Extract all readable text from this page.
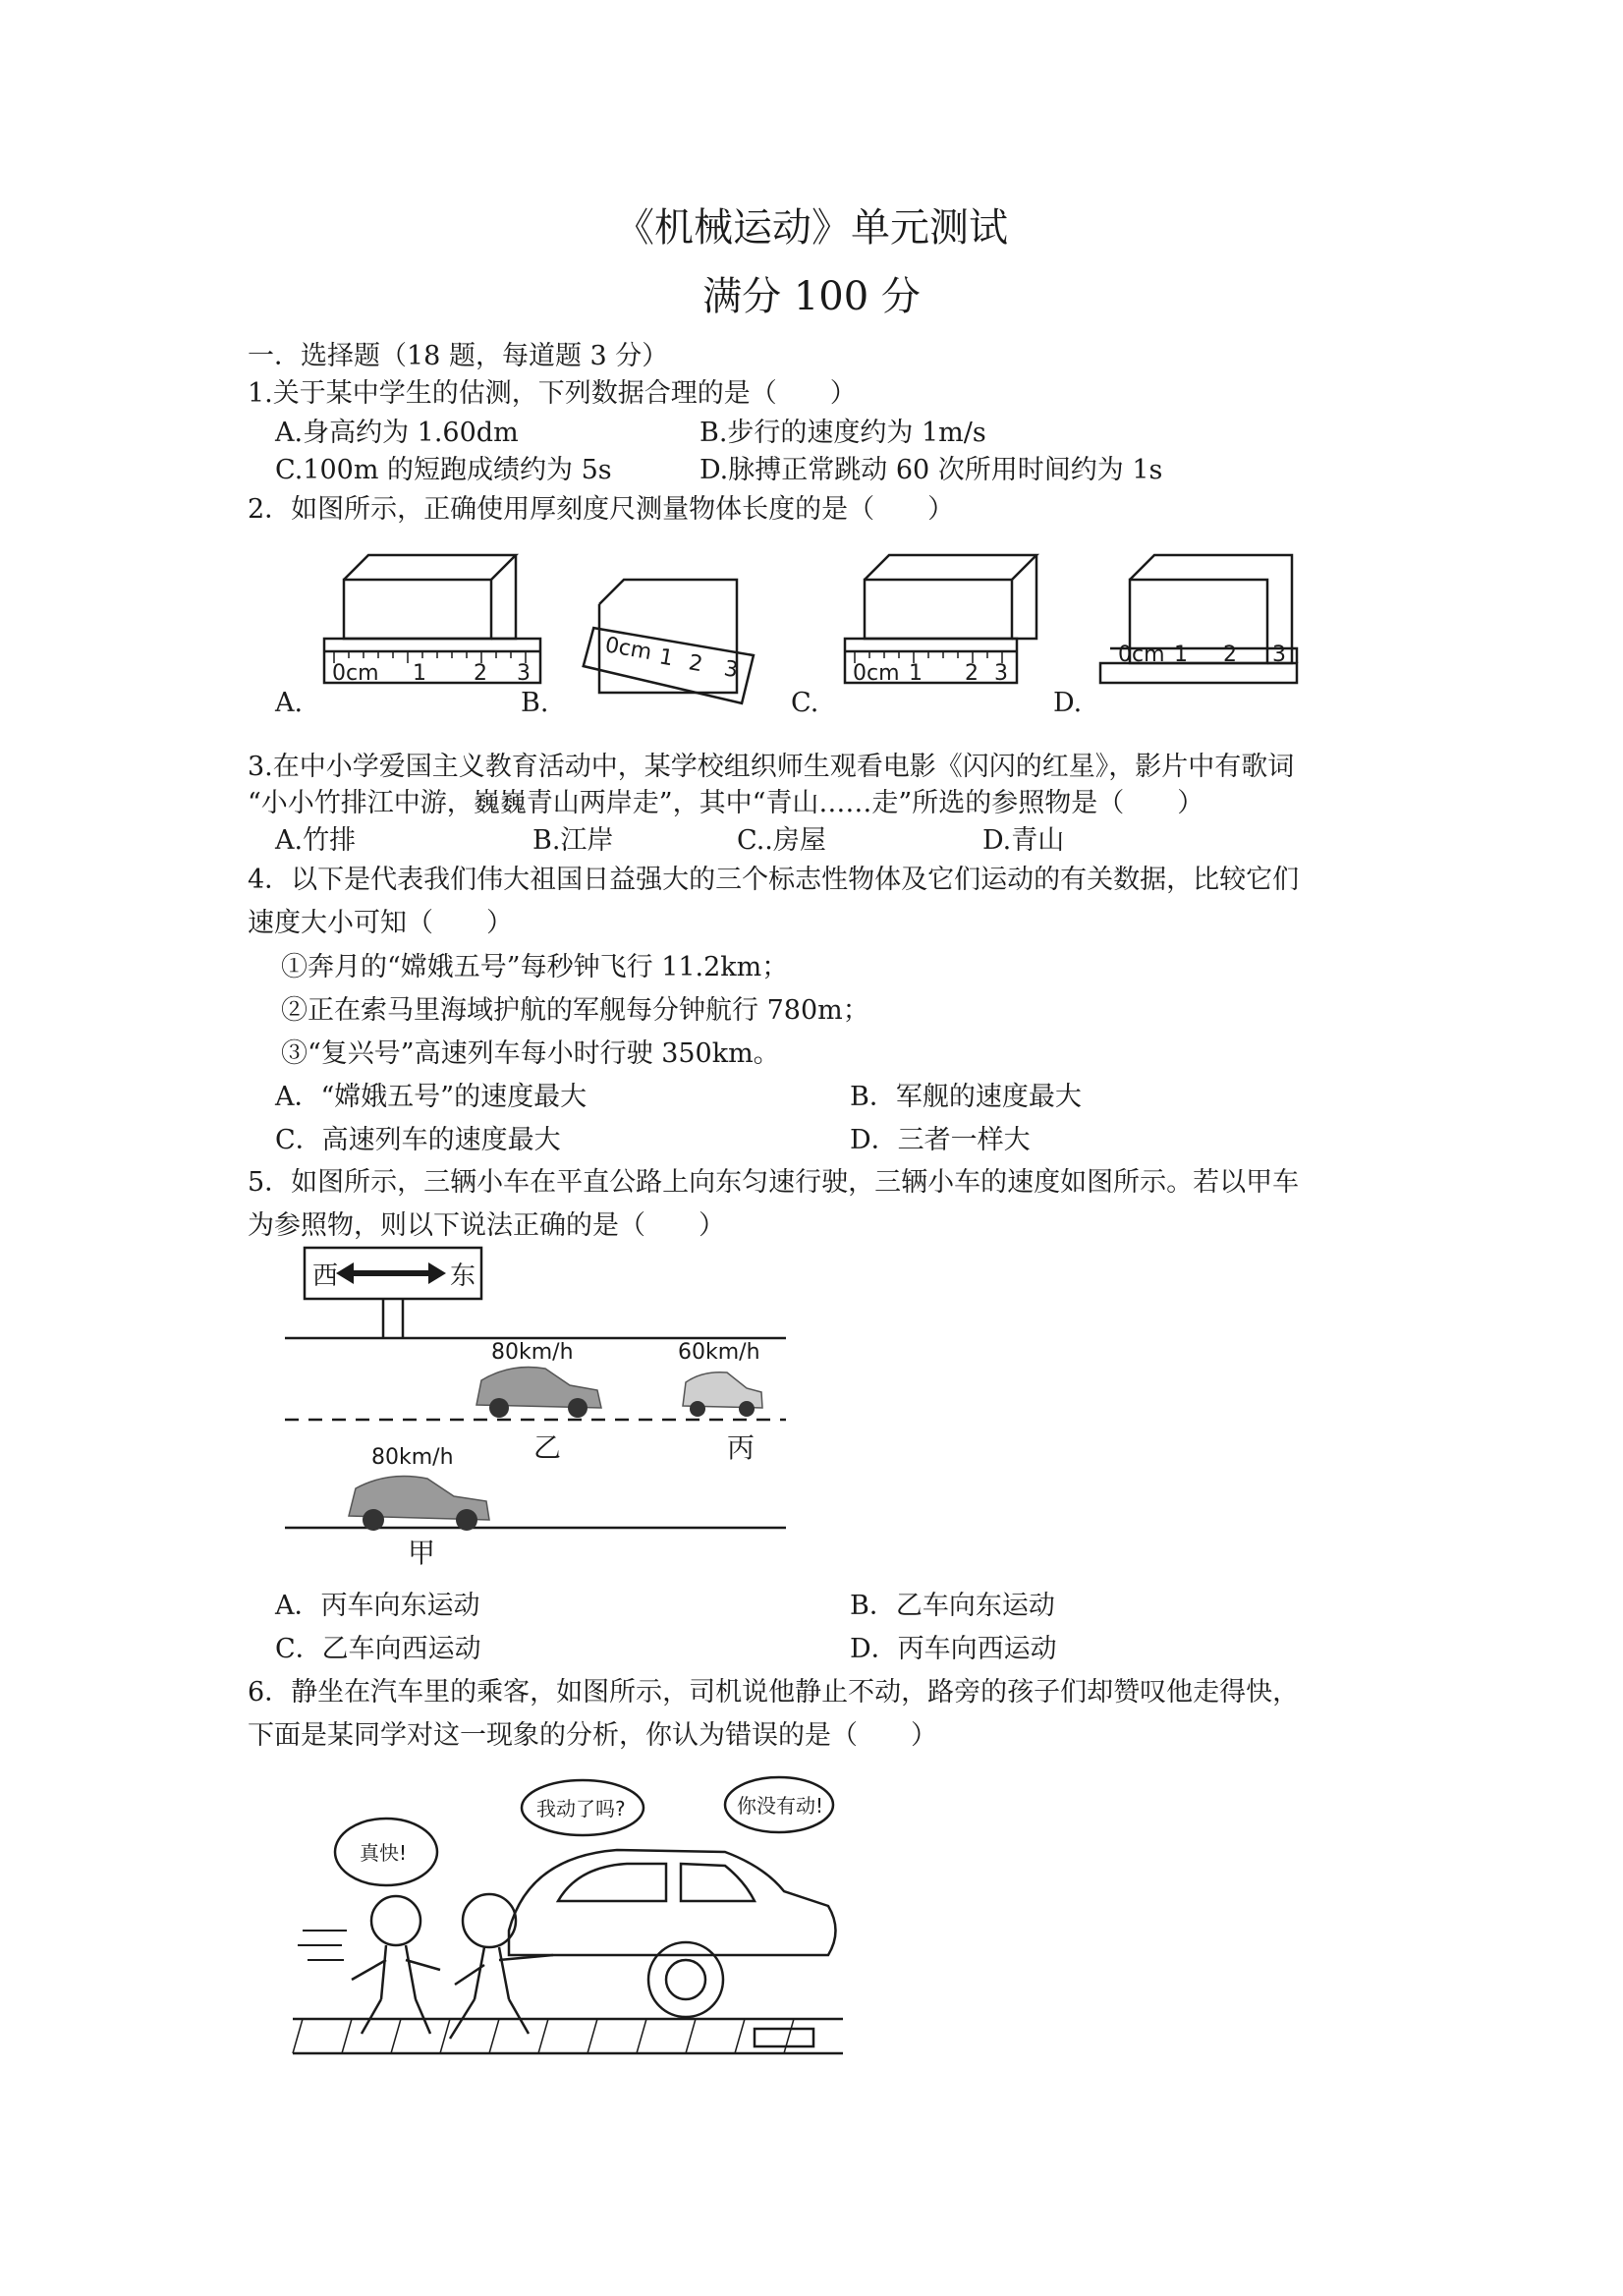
《机械运动》单元测试
满分 100 分
一．选择题（18 题，每道题 3 分）
1.关于某中学生的估测，下列数据合理的是（　　）
A.身高约为 1.60dm	B.步行的速度约为 1m/s
C.100m 的短跑成绩约为 5s	D.脉搏正常跳动 60 次所用时间约为 1s
2．如图所示，正确使用厚刻度尺测量物体长度的是（　　）
0cm 1 2 3
0cm 1 2 3	0cm 1 2 3
0cm 1 2 3
A.	B.	C.	D.
3.在中小学爱国主义教育活动中，某学校组织师生观看电影《闪闪的红星》，影片中有歌词
“小小竹排江中游，巍巍青山两岸走”，其中“青山……走”所选的参照物是（　　）
A.竹排	B.江岸	C..房屋	D.青山
4．以下是代表我们伟大祖国日益强大的三个标志性物体及它们运动的有关数据，比较它们
速度大小可知（　　）
①奔月的“嫦娥五号”每秒钟飞行 11.2km；
②正在索马里海域护航的军舰每分钟航行 780m；
③“复兴号”高速列车每小时行驶 350km。
A．“嫦娥五号”的速度最大	B．军舰的速度最大
C．高速列车的速度最大	D．三者一样大
5．如图所示，三辆小车在平直公路上向东匀速行驶，三辆小车的速度如图所示。若以甲车
为参照物，则以下说法正确的是（　　）
西	东
80km/h	60km/h
80km/h	乙	丙
甲
A．丙车向东运动	B．乙车向东运动
C．乙车向西运动	D．丙车向西运动
6．静坐在汽车里的乘客，如图所示，司机说他静止不动，路旁的孩子们却赞叹他走得快，
下面是某同学对这一现象的分析，你认为错误的是（　　）
真快!
我动了吗?	你没有动!
